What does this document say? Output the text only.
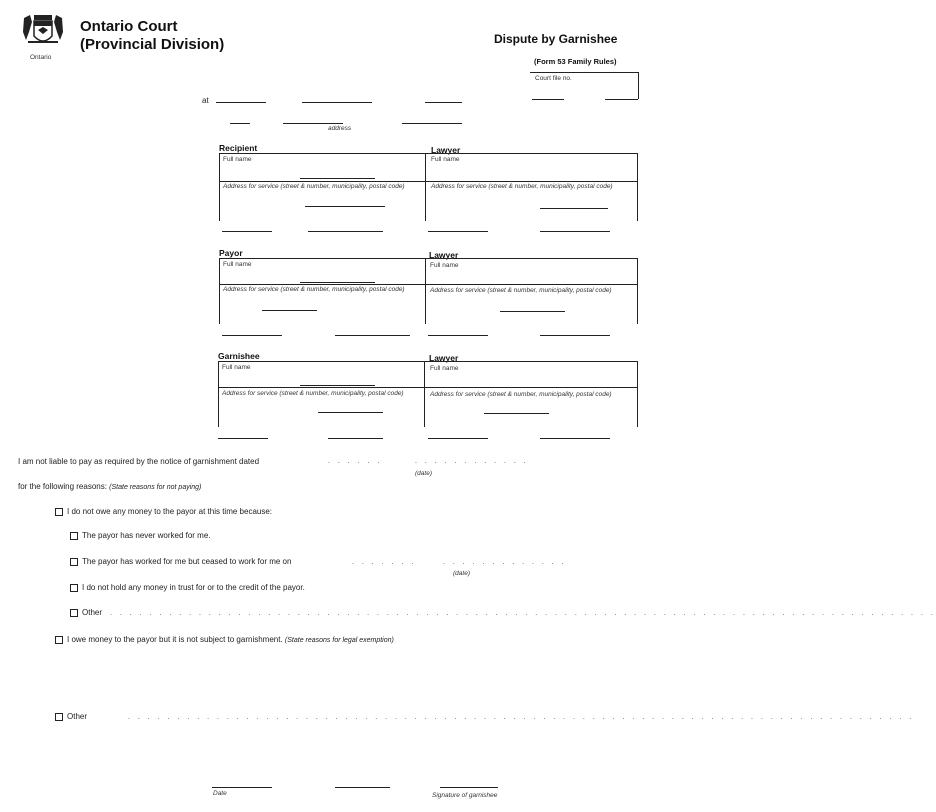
Ontario
Ontario Court
(Provincial Division)	Dispute by Garnishee
(Form 53 Family Rules)
Court file no.
at
address
Recipient	Lawyer
Full name	Full name
Address for service (street & number, municipality, postal code)	Address for service (street & number, municipality, postal code)
Payor	Lawyer
Full name	Full name
Address for service (street & number, municipality, postal code)	Address for service (street & number, municipality, postal code)
Garnishee	Lawyer
Full name	Full name
Address for service (street & number, municipality, postal code)	Address for service (street & number, municipality, postal code)
I am not liable to pay as required by the notice of garnishment dated	. . . . . .	. . . . . . . . . . . .
(date)
for the following reasons: (State reasons for not paying)
I do not owe any money to the payor at this time because:
The payor has never worked for me.
The payor has worked for me but ceased to work for me on	. . . . . . .	. . . . . . . . . . . . .
(date)
I do not hold any money in trust for or to the credit of the payor.
Other . . . . . . . . . . . . . . . . . . . . . . . . . . . . . . . . . . . . . . . . . . . . . . . . . . . . . . . . . . . . . . . . . . . . . . . . . . . . . . . . . . . .
I owe money to the payor but it is not subject to garnishment. (State reasons for legal exemption)
Other	. . . . . . . . . . . . . . . . . . . . . . . . . . . . . . . . . . . . . . . . . . . . . . . . . . . . . . . . . . . . . . . . . . . . . . . . . . . . . . . .
Date	Signature of garnishee
